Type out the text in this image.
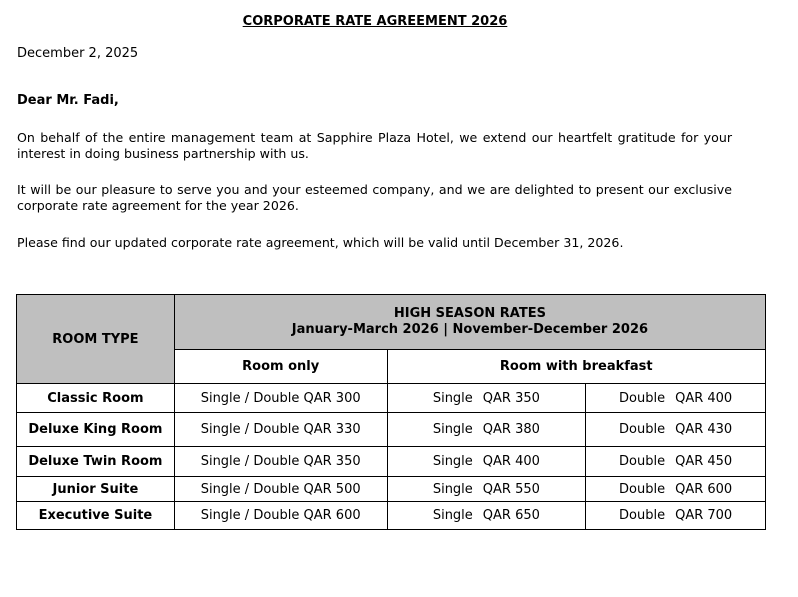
CORPORATE RATE AGREEMENT 2026
December 2, 2025
Dear Mr. Fadi,
On behalf of the entire management team at Sapphire Plaza Hotel, we extend our heartfelt gratitude for your interest in doing business partnership with us.
It will be our pleasure to serve you and your esteemed company, and we are delighted to present our exclusive corporate rate agreement for the year 2026.
Please find our updated corporate rate agreement, which will be valid until December 31, 2026.
ROOM TYPE	HIGH SEASON RATES
January-March 2026 | November-December 2026		

	Room only	Room with breakfast	
Classic Room	Single / Double QAR 300	Single QAR 350	Double QAR 400
Deluxe King Room	Single / Double QAR 330	Single QAR 380	Double QAR 430
Deluxe Twin Room	Single / Double QAR 350	Single QAR 400	Double QAR 450
Junior Suite	Single / Double QAR 500	Single QAR 550	Double QAR 600
Executive Suite	Single / Double QAR 600	Single QAR 650	Double QAR 700
